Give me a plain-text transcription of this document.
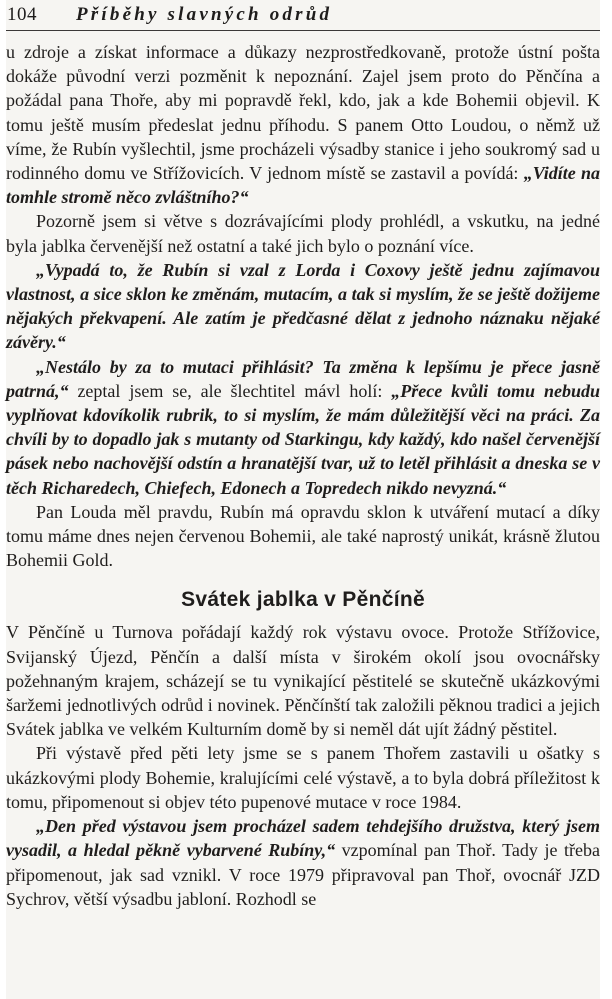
104 Příběhy slavných odrůd

u zdroje a získat informace a důkazy nezprostředkovaně, protože ústní pošta dokáže původní verzi pozměnit k nepoznání. Zajel jsem proto do Pěnčína a požádal pana Thoře, aby mi popravdě řekl, kdo, jak a kde Bohemii objevil. K tomu ještě musím předeslat jednu příhodu. S panem Otto Loudou, o němž už víme, že Rubín vyšlechtil, jsme procházeli výsadby stanice i jeho soukromý sad u rodinného domu ve Střížovicích. V jednom místě se zastavil a povídá: „Vidíte na tomhle stromě něco zvláštního?“

Pozorně jsem si větve s dozrávajícími plody prohlédl, a vskutku, na jedné byla jablka červenější než ostatní a také jich bylo o poznání více.

„Vypadá to, že Rubín si vzal z Lorda i Coxovy ještě jednu zajímavou vlastnost, a sice sklon ke změnám, mutacím, a tak si myslím, že se ještě dožijeme nějakých překvapení. Ale zatím je předčasné dělat z jednoho náznaku nějaké závěry.“

„Nestálo by za to mutaci přihlásit? Ta změna k lepšímu je přece jasně patrná,“ zeptal jsem se, ale šlechtitel mávl holí: „Přece kvůli tomu nebudu vyplňovat kdovíkolik rubrik, to si myslím, že mám důležitější věci na práci. Za chvíli by to dopadlo jak s mutanty od Starkingu, kdy každý, kdo našel červenější pásek nebo nachovější odstín a hranatější tvar, už to letěl přihlásit a dneska se v těch Richaredech, Chiefech, Edonech a Topredech nikdo nevyzná.“

Pan Louda měl pravdu, Rubín má opravdu sklon k utváření mutací a díky tomu máme dnes nejen červenou Bohemii, ale také naprostý unikát, krásně žlutou Bohemii Gold.

Svátek jablka v Pěnčíně

V Pěnčíně u Turnova pořádají každý rok výstavu ovoce. Protože Střížovice, Svijanský Újezd, Pěnčín a další místa v širokém okolí jsou ovocnářsky požehnaným krajem, scházejí se tu vynikající pěstitelé se skutečně ukázkovými šaržemi jednotlivých odrůd i novinek. Pěnčínští tak založili pěknou tradici a jejich Svátek jablka ve velkém Kulturním domě by si neměl dát ujít žádný pěstitel.

Při výstavě před pěti lety jsme se s panem Thořem zastavili u ošatky s ukázkovými plody Bohemie, kralujícími celé výstavě, a to byla dobrá příležitost k tomu, připomenout si objev této pupenové mutace v roce 1984.

„Den před výstavou jsem procházel sadem tehdejšího družstva, který jsem vysadil, a hledal pěkně vybarvené Rubíny,“ vzpomínal pan Thoř. Tady je třeba připomenout, jak sad vznikl. V roce 1979 připravoval pan Thoř, ovocnář JZD Sychrov, větší výsadbu jabloní. Rozhodl se
